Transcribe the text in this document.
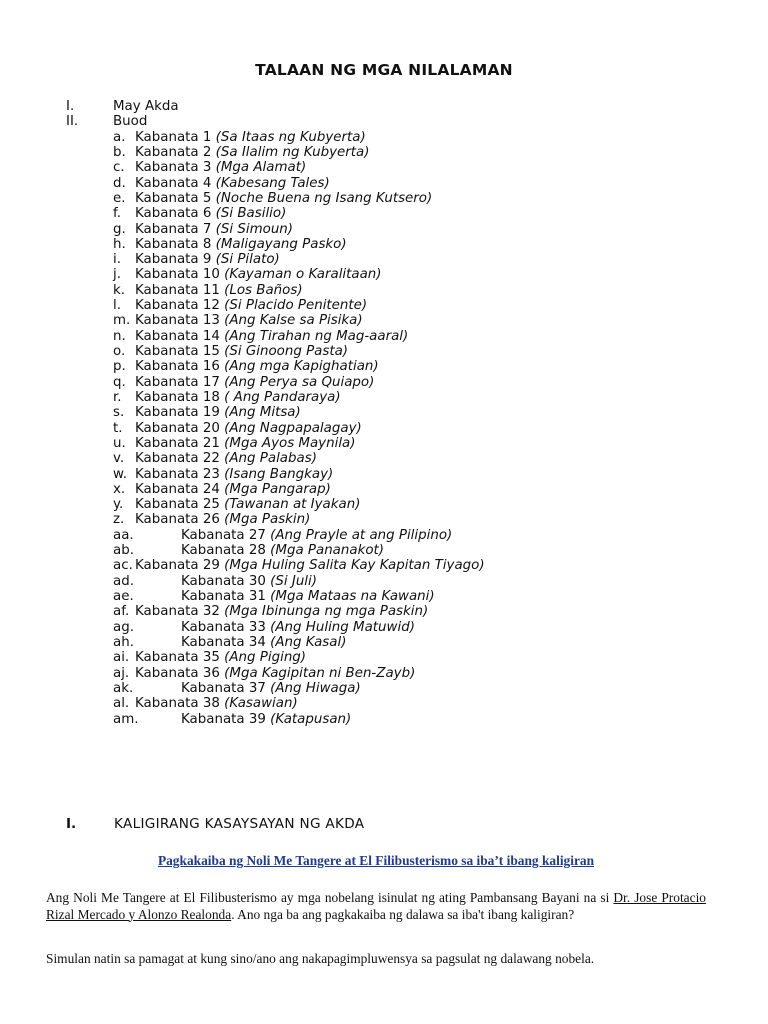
TALAAN NG MGA NILALAMAN
I.	May Akda
II.	Buod
a. Kabanata 1 (Sa Itaas ng Kubyerta)
b. Kabanata 2 (Sa Ilalim ng Kubyerta)
c. Kabanata 3 (Mga Alamat)
d. Kabanata 4 (Kabesang Tales)
e. Kabanata 5 (Noche Buena ng Isang Kutsero)
f. Kabanata 6 (Si Basilio)
g. Kabanata 7 (Si Simoun)
h. Kabanata 8 (Maligayang Pasko)
i. Kabanata 9 (Si Pilato)
j. Kabanata 10 (Kayaman o Karalitaan)
k. Kabanata 11 (Los Baños)
l. Kabanata 12 (Si Placido Penitente)
m. Kabanata 13 (Ang Kalse sa Pisika)
n. Kabanata 14 (Ang Tirahan ng Mag-aaral)
o. Kabanata 15 (Si Ginoong Pasta)
p. Kabanata 16 (Ang mga Kapighatian)
q. Kabanata 17 (Ang Perya sa Quiapo)
r. Kabanata 18 ( Ang Pandaraya)
s. Kabanata 19 (Ang Mitsa)
t. Kabanata 20 (Ang Nagpapalagay)
u. Kabanata 21 (Mga Ayos Maynila)
v. Kabanata 22 (Ang Palabas)
w. Kabanata 23 (Isang Bangkay)
x. Kabanata 24 (Mga Pangarap)
y. Kabanata 25 (Tawanan at Iyakan)
z. Kabanata 26 (Mga Paskin)
aa.	Kabanata 27 (Ang Prayle at ang Pilipino)
ab.	Kabanata 28 (Mga Pananakot)
ac. Kabanata 29 (Mga Huling Salita Kay Kapitan Tiyago)
ad.	Kabanata 30 (Si Juli)
ae.	Kabanata 31 (Mga Mataas na Kawani)
af. Kabanata 32 (Mga Ibinunga ng mga Paskin)
ag.	Kabanata 33 (Ang Huling Matuwid)
ah.	Kabanata 34 (Ang Kasal)
ai. Kabanata 35 (Ang Piging)
aj. Kabanata 36 (Mga Kagipitan ni Ben-Zayb)
ak.	Kabanata 37 (Ang Hiwaga)
al. Kabanata 38 (Kasawian)
am.	Kabanata 39 (Katapusan)
I.	KALIGIRANG KASAYSAYAN NG AKDA
Pagkakaiba ng Noli Me Tangere at El Filibusterismo sa iba’t ibang kaligiran

Ang Noli Me Tangere at El Filibusterismo ay mga nobelang isinulat ng ating Pambansang Bayani na si Dr. Jose Protacio Rizal Mercado y Alonzo Realonda. Ano nga ba ang pagkakaiba ng dalawa sa iba't ibang kaligiran?

Simulan natin sa pamagat at kung sino/ano ang nakapagimpluwensya sa pagsulat ng dalawang nobela.
